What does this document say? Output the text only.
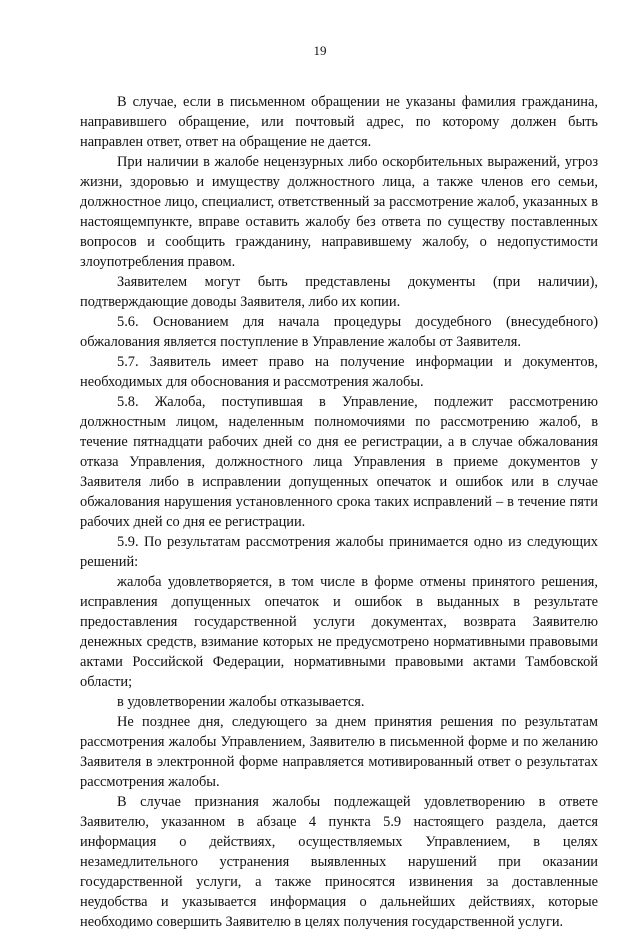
19

В случае, если в письменном обращении не указаны фамилия гражданина, направившего обращение, или почтовый адрес, по которому должен быть направлен ответ, ответ на обращение не дается.

При наличии в жалобе нецензурных либо оскорбительных выражений, угроз жизни, здоровью и имуществу должностного лица, а также членов его семьи, должностное лицо, специалист, ответственный за рассмотрение жалоб, указанных в настоящемпункте, вправе оставить жалобу без ответа по существу поставленных вопросов и сообщить гражданину, направившему жалобу, о недопустимости злоупотребления правом.

Заявителем могут быть представлены документы (при наличии), подтверждающие доводы Заявителя, либо их копии.

5.6. Основанием для начала процедуры досудебного (внесудебного) обжалования является поступление в Управление жалобы от Заявителя.

5.7. Заявитель имеет право на получение информации и документов, необходимых для обоснования и рассмотрения жалобы.

5.8. Жалоба, поступившая в Управление, подлежит рассмотрению должностным лицом, наделенным полномочиями по рассмотрению жалоб, в течение пятнадцати рабочих дней со дня ее регистрации, а в случае обжалования отказа Управления, должностного лица Управления в приеме документов у Заявителя либо в исправлении допущенных опечаток и ошибок или в случае обжалования нарушения установленного срока таких исправлений – в течение пяти рабочих дней со дня ее регистрации.

5.9. По результатам рассмотрения жалобы принимается одно из следующих решений:

жалоба удовлетворяется, в том числе в форме отмены принятого решения, исправления допущенных опечаток и ошибок в выданных в результате предоставления государственной услуги документах, возврата Заявителю денежных средств, взимание которых не предусмотрено нормативными правовыми актами Российской Федерации, нормативными правовыми актами Тамбовской области;

в удовлетворении жалобы отказывается.

Не позднее дня, следующего за днем принятия решения по результатам рассмотрения жалобы Управлением, Заявителю в письменной форме и по желанию Заявителя в электронной форме направляется мотивированный ответ о результатах рассмотрения жалобы.

В случае признания жалобы подлежащей удовлетворению в ответе Заявителю, указанном в абзаце 4 пункта 5.9 настоящего раздела, дается информация о действиях, осуществляемых Управлением, в целях незамедлительного устранения выявленных нарушений при оказании государственной услуги, а также приносятся извинения за доставленные неудобства и указывается информация о дальнейших действиях, которые необходимо совершить Заявителю в целях получения государственной услуги.
